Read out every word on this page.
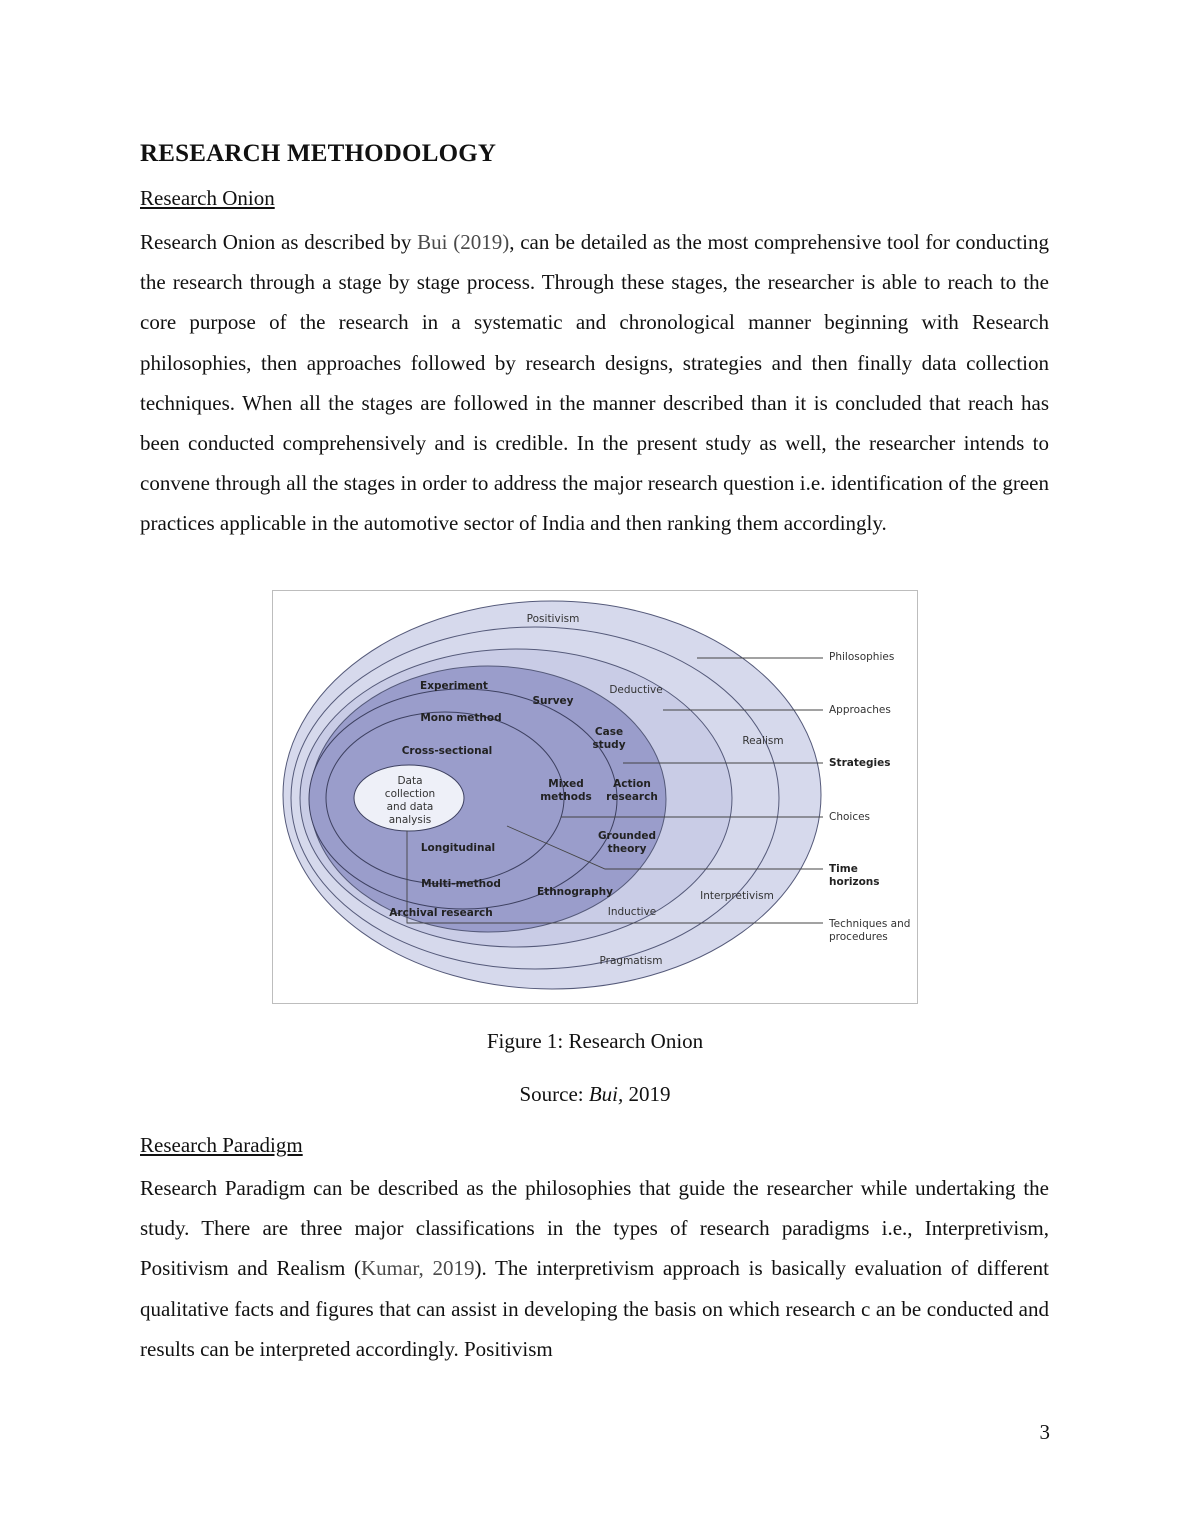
RESEARCH METHODOLOGY

Research Onion

Research Onion as described by Bui (2019), can be detailed as the most comprehensive tool for conducting the research through a stage by stage process. Through these stages, the researcher is able to reach to the core purpose of the research in a systematic and chronological manner beginning with Research philosophies, then approaches followed by research designs, strategies and then finally data collection techniques. When all the stages are followed in the manner described than it is concluded that reach has been conducted comprehensively and is credible. In the present study as well, the researcher intends to convene through all the stages in order to address the major research question i.e. identification of the green practices applicable in the automotive sector of India and then ranking them accordingly.

Positivism
Pragmatism
Realism
Interpretivism
Deductive
Inductive
Experiment
Survey
Case
study
Action
research
Grounded
theory
Ethnography
Archival research
Mono method
Multi-method
Mixed
methods
Cross-sectional
Longitudinal
Data
collection
and data
analysis
Philosophies
Approaches
Strategies
Choices
Time
horizons
Techniques and
procedures

Figure 1: Research Onion

Source: Bui, 2019

Research Paradigm

Research Paradigm can be described as the philosophies that guide the researcher while undertaking the study. There are three major classifications in the types of research paradigms i.e., Interpretivism, Positivism and Realism (Kumar, 2019). The interpretivism approach is basically evaluation of different qualitative facts and figures that can assist in developing the basis on which research c an be conducted and results can be interpreted accordingly. Positivism

3
